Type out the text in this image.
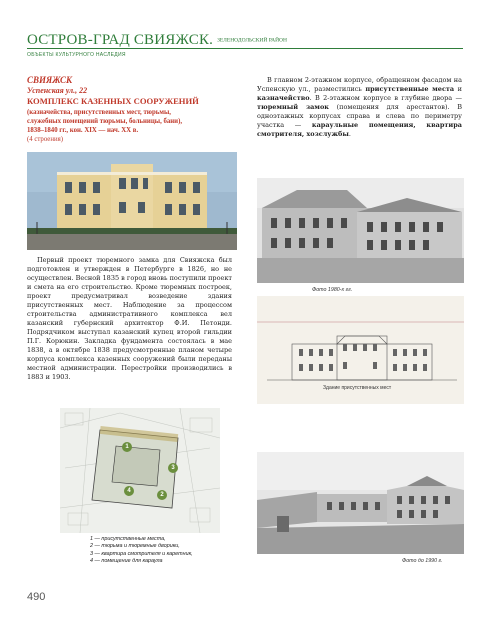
ОСТРОВ-ГРАД СВИЯЖСК. ЗЕЛЕНОДОЛЬСКИЙ РАЙОН
ОБЪЕКТЫ КУЛЬТУРНОГО НАСЛЕДИЯ
СВИЯЖСК
Успенская ул., 22
КОМПЛЕКС КАЗЕННЫХ СООРУЖЕНИЙ
(казначейства, присутственных мест, тюрьмы,
служебных помещений тюрьмы, больницы, бани),
1838–1840 гг., кон. XIX — нач. XX в.
(4 строения)
В главном 2-этажном корпусе, обращенном фасадом на Успенскую ул., разместились присутственные места и казначейство. В 2-этажном корпусе в глубине двора — тюремный замок (помещения для арестантов). В одноэтажных корпусах справа и слева по периметру участка — караульные помещения, квартира смотрителя, хозслужбы.
Первый проект тюремного замка для Свияжска был подготовлен и утвержден в Петербурге в 1826, но не осуществлен. Весной 1835 в город вновь поступили проект и смета на его строительство. Кроме тюремных построек, проект предусматривал возведение здания присутственных мест. Наблюдение за процессом строительства административного комплекса вел казанский губернский архитектор Ф.И. Петонди. Подрядчиком выступал казанский купец второй гильдии П.Г. Корюкин. Закладка фундамента состоялась в мае 1838, а в октябре 1838 предусмотренные планом четыре корпуса комплекса казенных сооружений были переданы местной администрации. Перестройки производились в 1883 и 1903.
Фото 1980-х гг.
Здание присутственных мест
1
2
3
4
1 — присутственные места,
2 — тюрьма и тюремные дворики,
3 — квартира смотрителя и каретник,
4 — помещение для караула	Фото до 1990 г.
490
